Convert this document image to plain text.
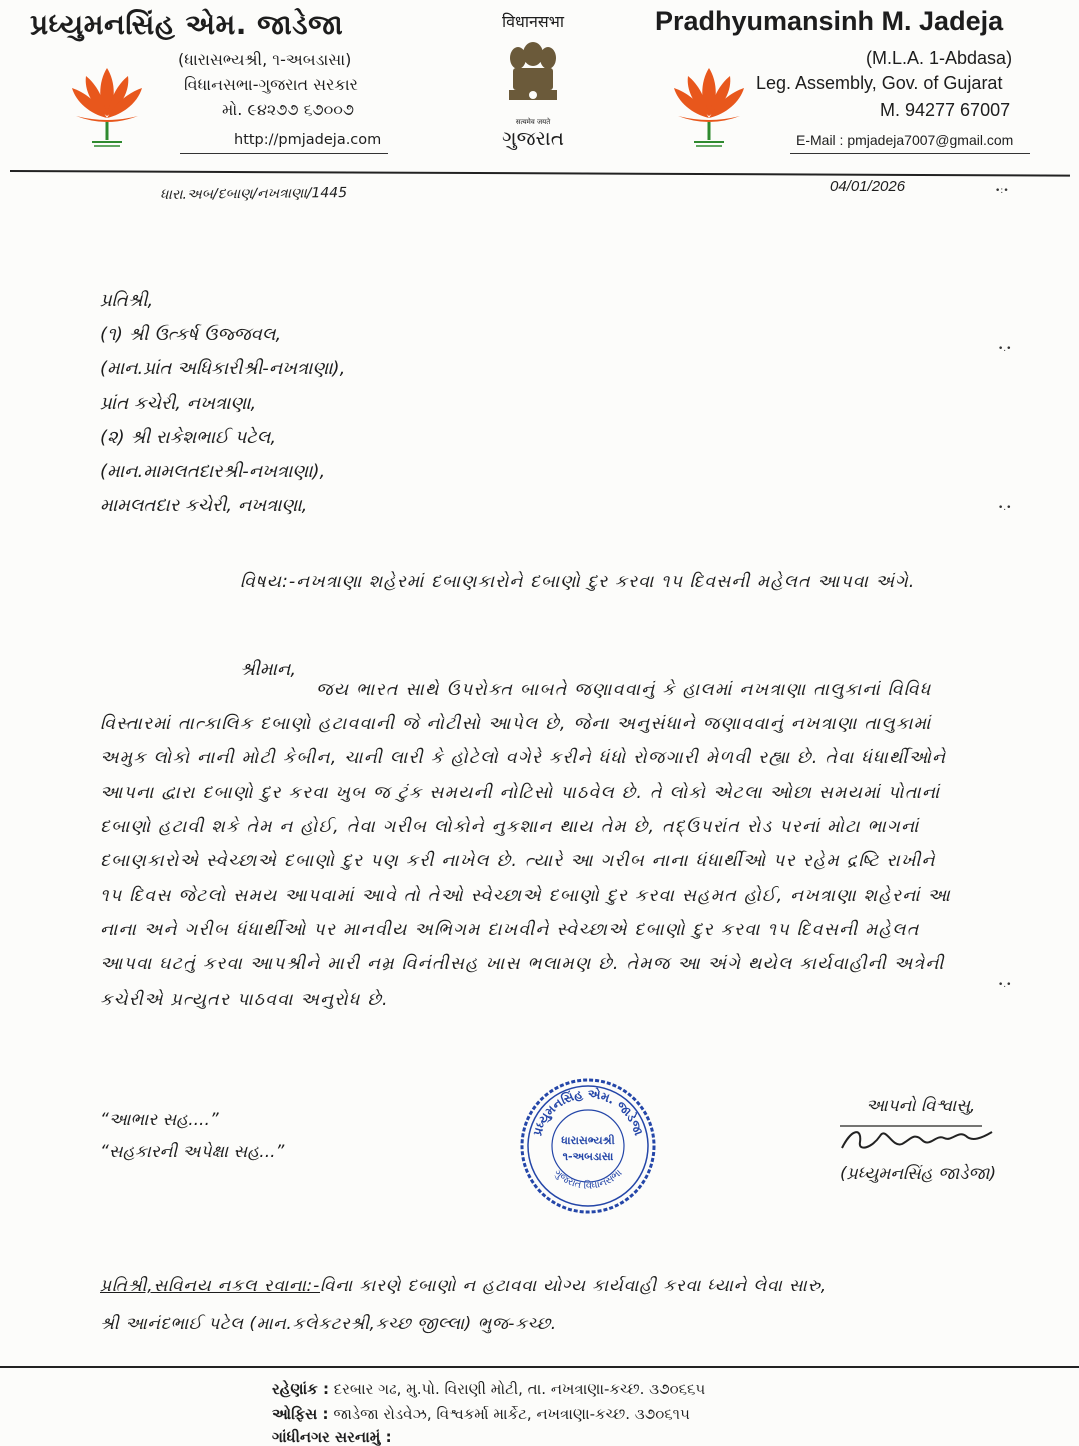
પ્રધ્યુમનસિંહ એમ. જાડેજા
(ધારાસભ્યશ્રી, ૧-અબડાસા)
વિધાનસભા-ગુજરાત સરકાર
મો. ૯૪૨૭૭ ૬૭૦૦૭
http://pmjadeja.com
विधानसभा
सत्यमेव जयते
ગુજરાત
Pradhyumansinh M. Jadeja
(M.L.A. 1-Abdasa)
Leg. Assembly, Gov. of Gujarat
M. 94277 67007
E-Mail : pmjadeja7007@gmail.com
ધારા.અબ/દબાણ/નખત્રાણા/1445	04/01/2026	•:•
•.•
•.•
•.•
પ્રતિશ્રી,
(૧) શ્રી ઉત્કર્ષ ઉજ્જવલ,
(માન.પ્રાંત અધિકારીશ્રી-નખત્રાણા),
પ્રાંત કચેરી, નખત્રાણા,
(૨) શ્રી રાકેશભાઈ પટેલ,
(માન.મામલતદારશ્રી-નખત્રાણા),
મામલતદાર કચેરી, નખત્રાણા,
વિષય:-નખત્રાણા શહેરમાં દબાણકારોને દબાણો દુર કરવા ૧૫ દિવસની મહેલત આપવા અંગે.
શ્રીમાન,
જય ભારત સાથે ઉપરોક્ત બાબતે જણાવવાનું કે હાલમાં નખત્રાણા તાલુકાનાં વિવિધ
વિસ્તારમાં તાત્કાલિક દબાણો હટાવવાની જે નોટીસો આપેલ છે, જેના અનુસંધાને જણાવવાનું નખત્રાણા તાલુકામાં
અમુક લોકો નાની મોટી કેબીન, ચાની લારી કે હોટેલો વગેરે કરીને ધંધો રોજગારી મેળવી રહ્યા છે. તેવા ધંધાર્થીઓને
આપના દ્વારા દબાણો દુર કરવા ખુબ જ ટુંક સમયની નોટિસો પાઠવેલ છે. તે લોકો એટલા ઓછા સમયમાં પોતાનાં
દબાણો હટાવી શકે તેમ ન હોઈ, તેવા ગરીબ લોકોને નુકશાન થાય તેમ છે, તદ્ઉપરાંત રોડ પરનાં મોટા ભાગનાં
દબાણકારોએ સ્વેચ્છાએ દબાણો દુર પણ કરી નાખેલ છે. ત્યારે આ ગરીબ નાના ધંધાર્થીઓ પર રહેમ દ્રષ્ટિ રાખીને
૧૫ દિવસ જેટલો સમય આપવામાં આવે તો તેઓ સ્વેચ્છાએ દબાણો દુર કરવા સહમત હોઈ, નખત્રાણા શહેરનાં આ
નાના અને ગરીબ ધંધાર્થીઓ પર માનવીય અભિગમ દાખવીને સ્વેચ્છાએ દબાણો દુર કરવા ૧૫ દિવસની મહેલત
આપવા ઘટતું કરવા આપશ્રીને મારી નમ્ર વિનંતીસહ ખાસ ભલામણ છે. તેમજ આ અંગે થયેલ કાર્યવાહીની અત્રેની
કચેરીએ પ્રત્યુતર પાઠવવા અનુરોધ છે.
“આભાર સહ....”
“સહકારની અપેક્ષા સહ...”
પ્રધ્યુમનસિંહ એમ. જાડેજા
ગુજરાત વિધાનસભા
ધારાસભ્યશ્રી
૧-અબડાસા
આપનો વિશ્વાસુ,
(પ્રધ્યુમનસિંહ જાડેજા)
પ્રતિશ્રી,સવિનય નકલ રવાના:-વિના કારણે દબાણો ન હટાવવા યોગ્ય કાર્યવાહી કરવા ધ્યાને લેવા સારુ,
શ્રી આનંદભાઈ પટેલ (માન.કલેકટરશ્રી,કચ્છ જીલ્લા) ભુજ-કચ્છ.
રહેણાંક : દરબાર ગઢ, મુ.પો. વિરાણી મોટી, તા. નખત્રાણા-કચ્છ. ૩૭૦૬૬૫
ઓફિસ : જાડેજા રોડવેઝ, વિશ્વકર્મા માર્કેટ, નખત્રાણા-કચ્છ. ૩૭૦૬૧૫
ગાંધીનગર સરનામું :
